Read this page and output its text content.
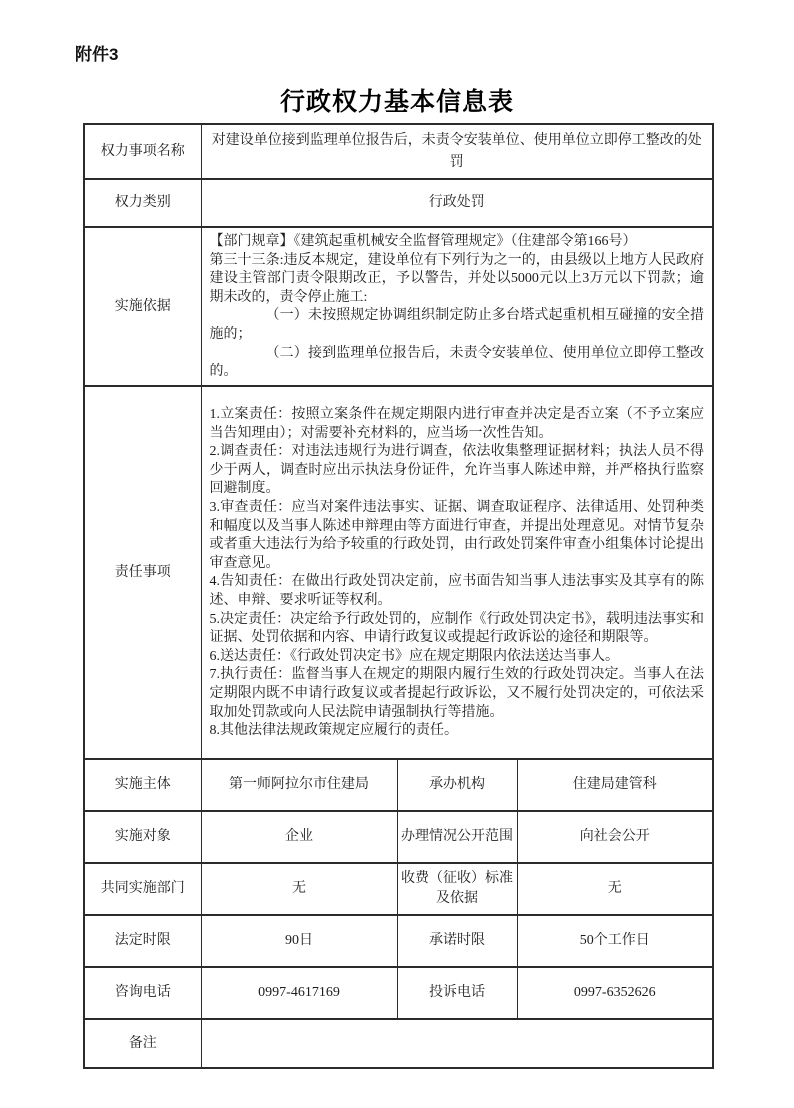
附件3
行政权力基本信息表
权力事项名称	对建设单位接到监理单位报告后，未责令安装单位、使用单位立即停工整改的处罚		
权力类别	行政处罚		
实施依据	【部门规章】《建筑起重机械安全监督管理规定》（住建部令第166号）

第三十三条:违反本规定，建设单位有下列行为之一的，由县级以上地方人民政府建设主管部门责令限期改正，予以警告，并处以5000元以上3万元以下罚款；逾期未改的，责令停止施工:

（一）未按照规定协调组织制定防止多台塔式起重机相互碰撞的安全措施的；

（二）接到监理单位报告后，未责令安装单位、使用单位立即停工整改的。		

责任事项	

1.立案责任：按照立案条件在规定期限内进行审查并决定是否立案（不予立案应当告知理由）；对需要补充材料的，应当场一次性告知。

2.调查责任：对违法违规行为进行调查，依法收集整理证据材料；执法人员不得少于两人，调查时应出示执法身份证件，允许当事人陈述申辩，并严格执行监察回避制度。

3.审查责任：应当对案件违法事实、证据、调查取证程序、法律适用、处罚种类和幅度以及当事人陈述申辩理由等方面进行审查，并提出处理意见。对情节复杂或者重大违法行为给予较重的行政处罚，由行政处罚案件审查小组集体讨论提出审查意见。

4.告知责任：在做出行政处罚决定前，应书面告知当事人违法事实及其享有的陈述、申辩、要求听证等权利。

5.决定责任：决定给予行政处罚的，应制作《行政处罚决定书》，载明违法事实和证据、处罚依据和内容、申请行政复议或提起行政诉讼的途径和期限等。

6.送达责任：《行政处罚决定书》应在规定期限内依法送达当事人。

7.执行责任：监督当事人在规定的期限内履行生效的行政处罚决定。当事人在法定期限内既不申请行政复议或者提起行政诉讼，又不履行处罚决定的，可依法采取加处罚款或向人民法院申请强制执行等措施。

8.其他法律法规政策规定应履行的责任。

实施主体	第一师阿拉尔市住建局	承办机构	住建局建管科
实施对象	企业	办理情况公开范围	向社会公开
共同实施部门	无	收费（征收）标准及依据	无
法定时限	90日	承诺时限	50个工作日
咨询电话	0997-4617169	投诉电话	0997-6352626
备注			
